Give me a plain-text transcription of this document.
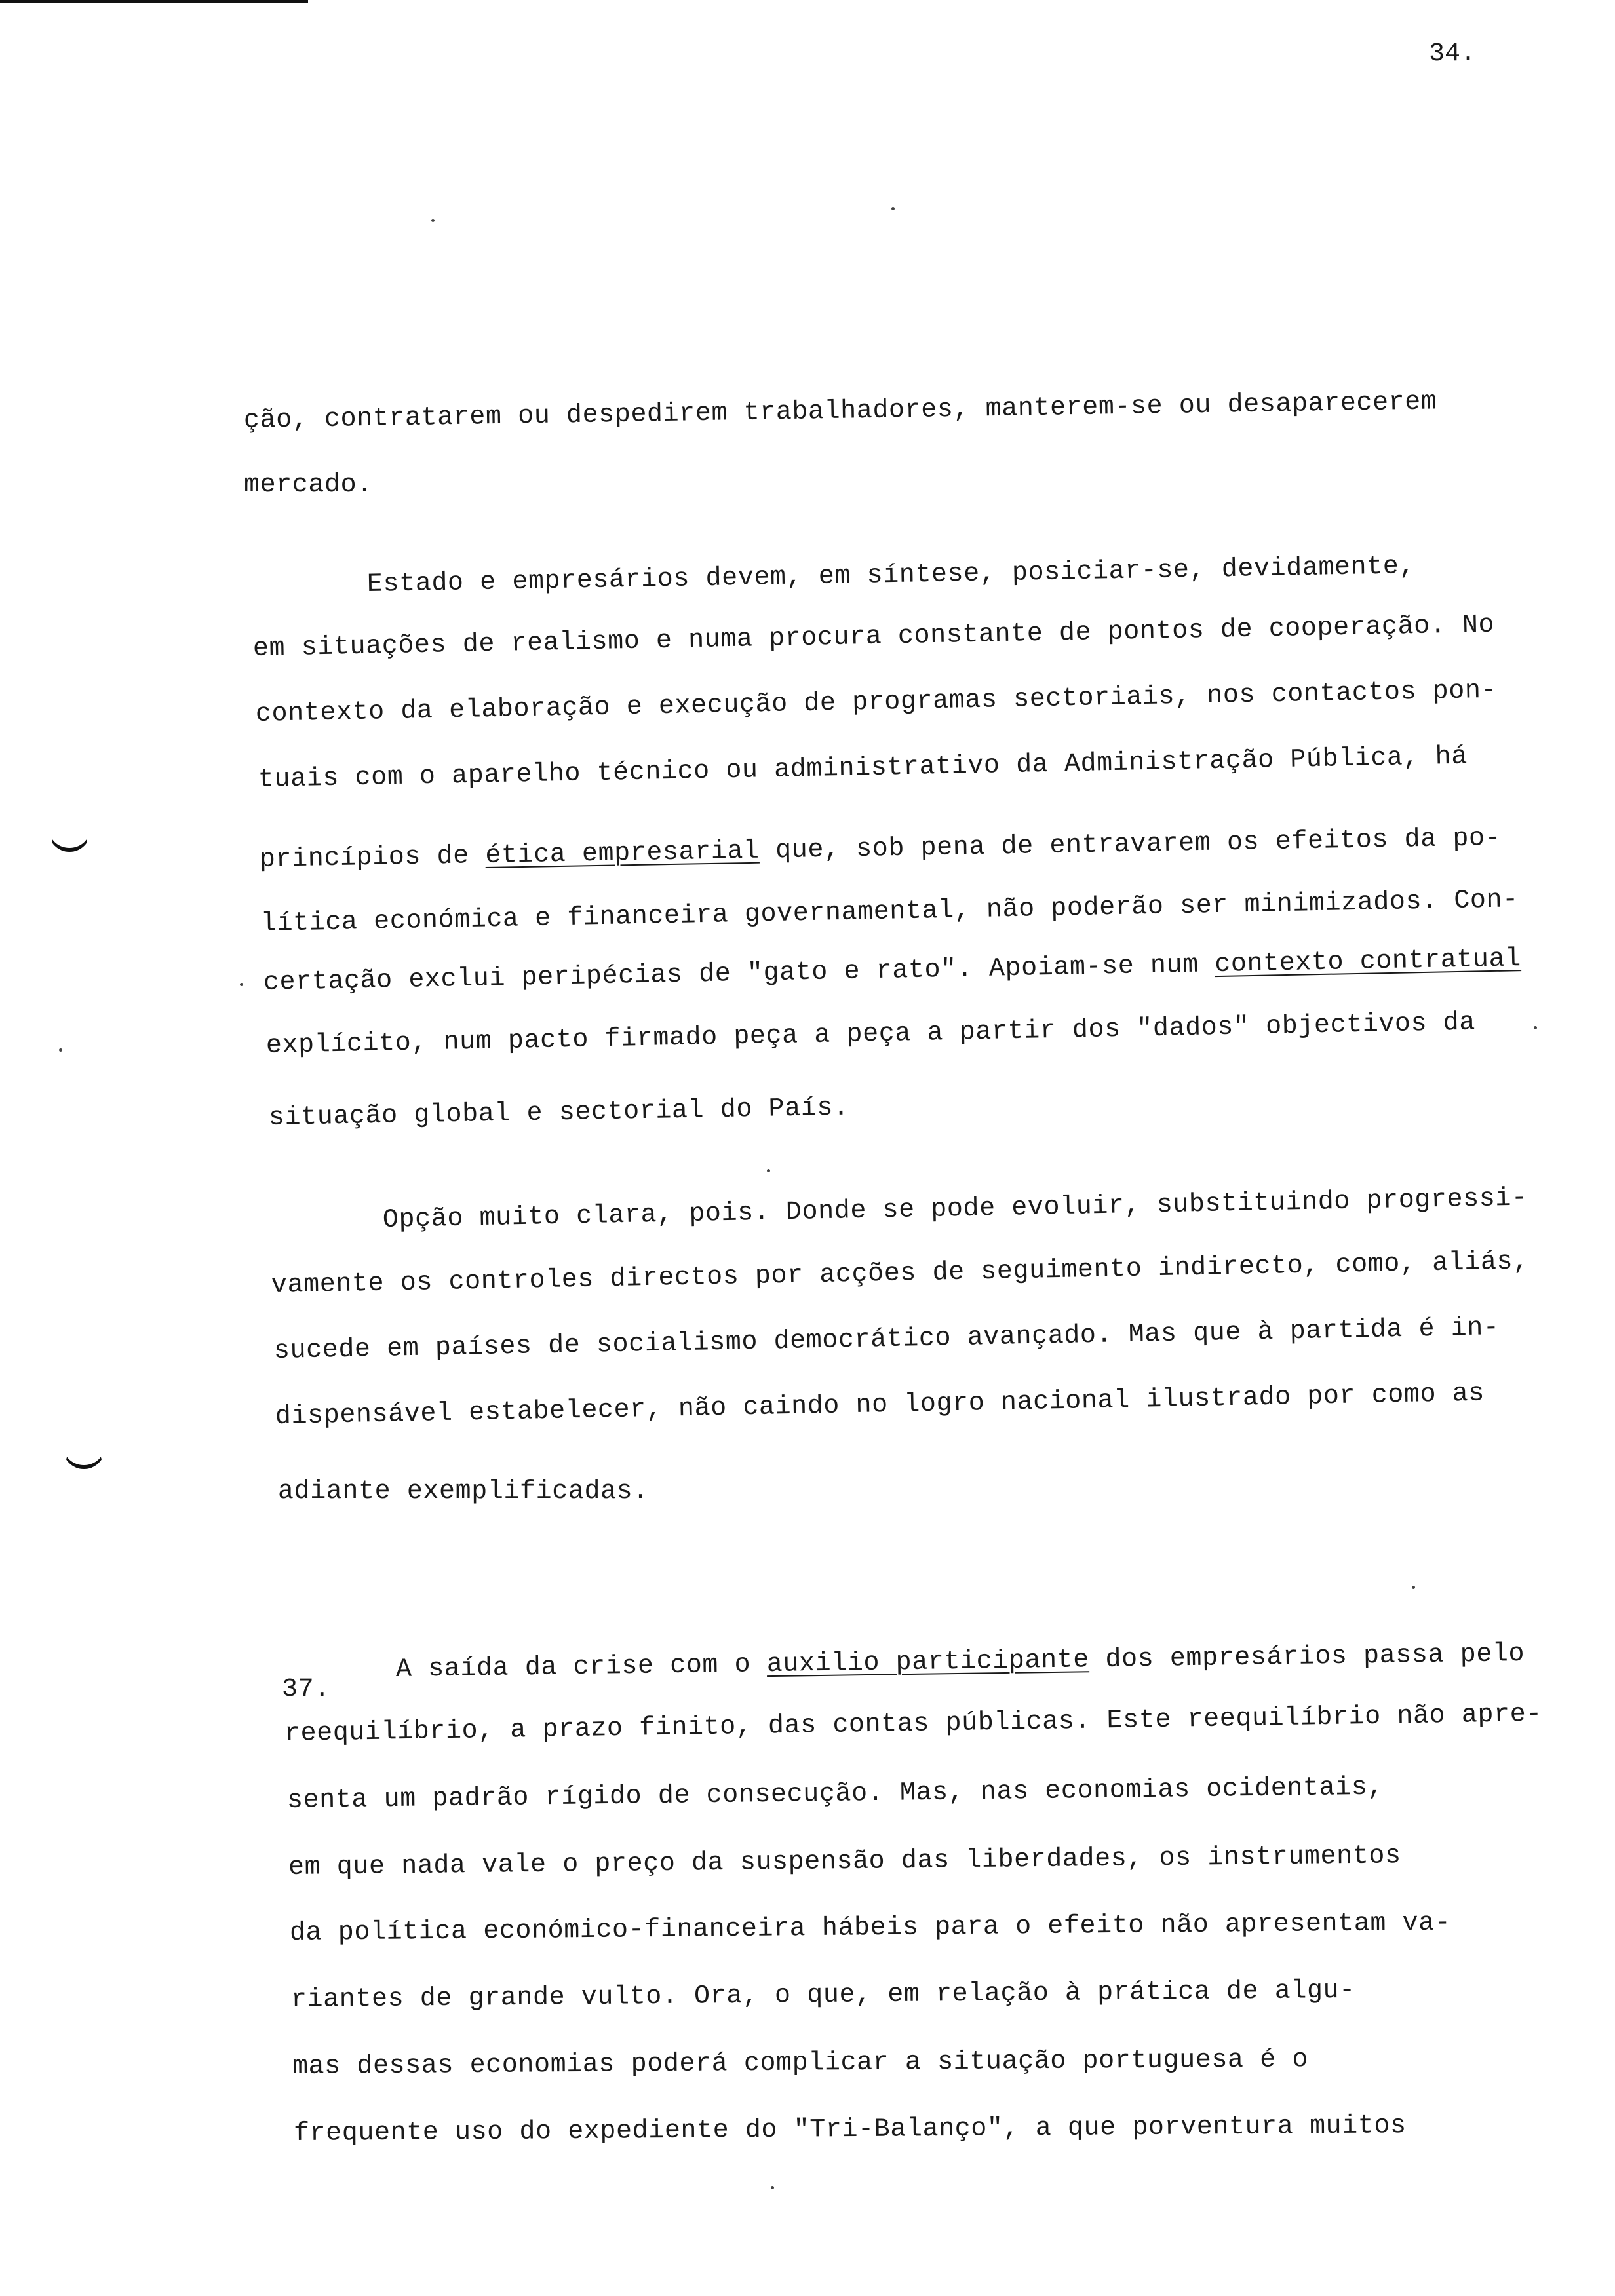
34.
ção, contratarem ou despedirem trabalhadores, manterem-se ou desaparecerem
mercado.
Estado e empresários devem, em síntese, posiciar-se, devidamente,
em situações de realismo e numa procura constante de pontos de cooperação. No
contexto da elaboração e execução de programas sectoriais, nos contactos pon-
tuais com o aparelho técnico ou administrativo da Administração Pública, há
princípios de ética empresarial que, sob pena de entravarem os efeitos da po-
lítica económica e financeira governamental, não poderão ser minimizados. Con-
certação exclui peripécias de "gato e rato". Apoiam-se num contexto contratual
explícito, num pacto firmado peça a peça a partir dos "dados" objectivos da
situação global e sectorial do País.
Opção muito clara, pois. Donde se pode evoluir, substituindo progressi-
vamente os controles directos por acções de seguimento indirecto, como, aliás,
sucede em países de socialismo democrático avançado. Mas que à partida é in-
dispensável estabelecer, não caindo no logro nacional ilustrado por como as
adiante exemplificadas.
37.
A saída da crise com o auxilio participante dos empresários passa pelo
reequilíbrio, a prazo finito, das contas públicas. Este reequilíbrio não apre-
senta um padrão rígido de consecução. Mas, nas economias ocidentais,
em que nada vale o preço da suspensão das liberdades, os instrumentos
da política económico-financeira hábeis para o efeito não apresentam va-
riantes de grande vulto. Ora, o que, em relação à prática de algu-
mas dessas economias poderá complicar a situação portuguesa é o
frequente uso do expediente do "Tri-Balanço", a que porventura muitos
